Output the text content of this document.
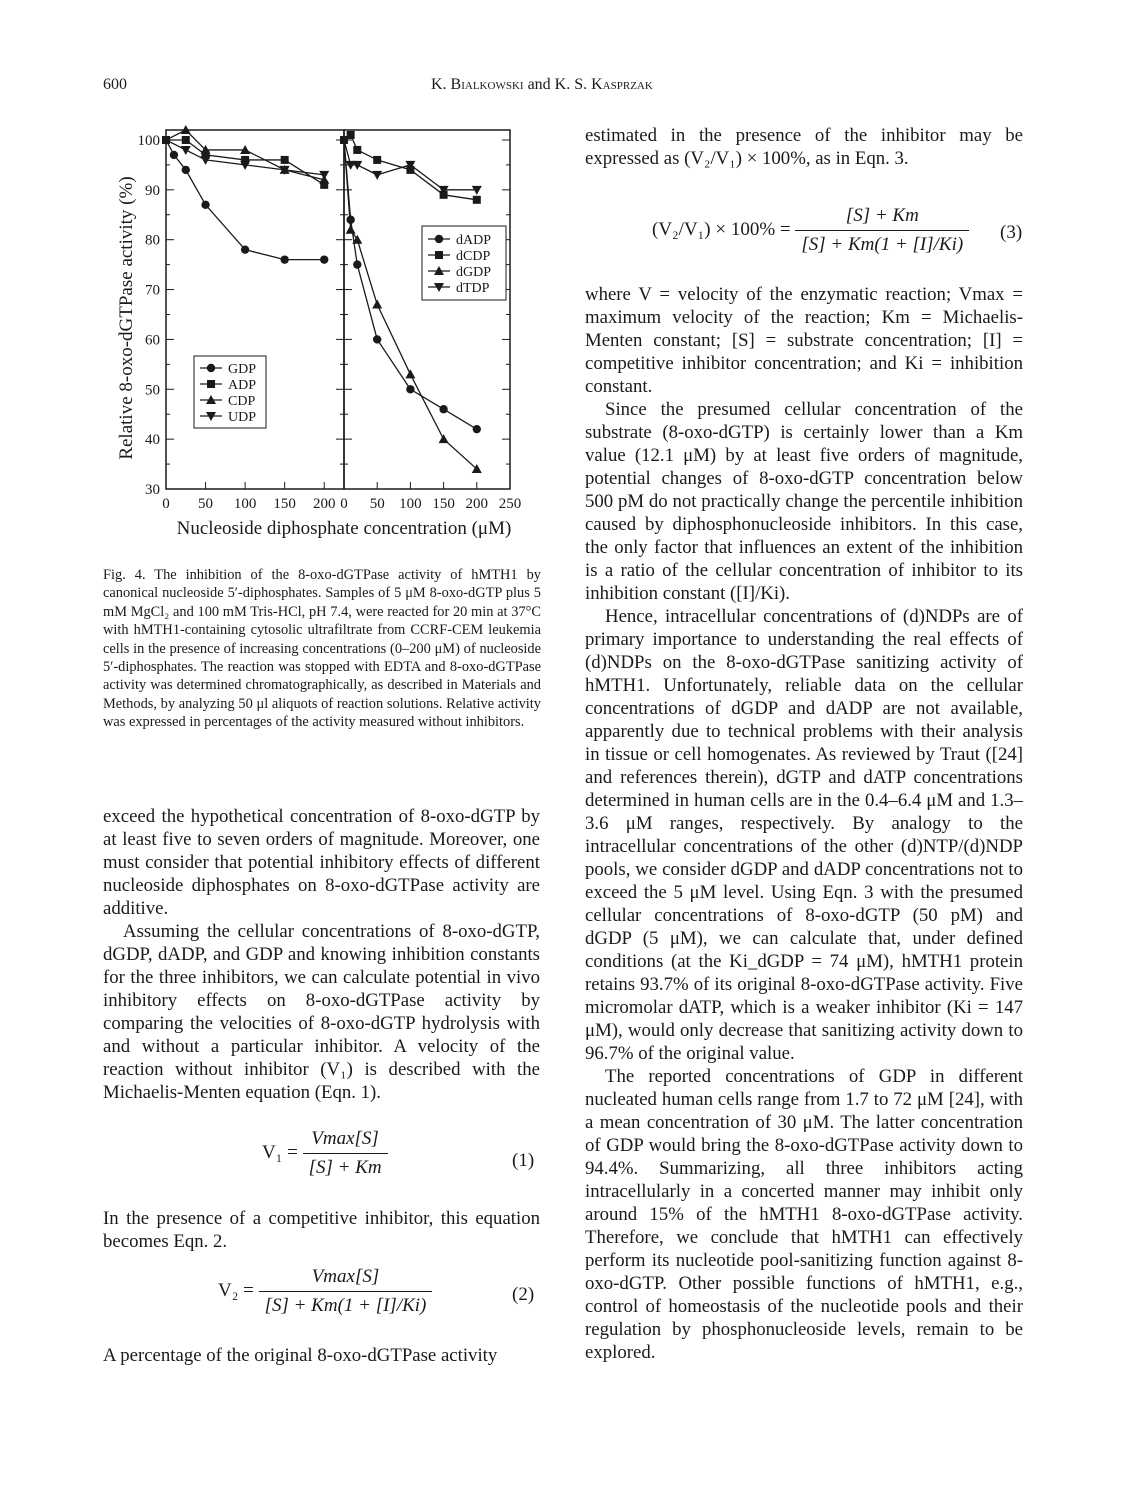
600	K. Bialkowski and K. S. Kasprzak
Relative 8-oxo-dGTPase activity (%)
Nucleoside diphosphate concentration (μM)
0 50 100 150 200 0 50 100 150 200 250
30
40
50
60
70
80
90
100
GDP
ADP
CDP
UDP
dADP
dCDP
dGDP
dTDP

Fig. 4. The inhibition of the 8-oxo-dGTPase activity of hMTH1 by canonical nucleoside 5′-diphosphates. Samples of 5 μM 8-oxo-dGTP plus 5 mM MgCl₂ and 100 mM Tris-HCl, pH 7.4, were reacted for 20 min at 37°C with hMTH1-containing cytosolic ultrafiltrate from CCRF-CEM leukemia cells in the presence of increasing concentrations (0–200 μM) of nucleoside 5′-diphosphates. The reaction was stopped with EDTA and 8-oxo-dGTPase activity was determined chromatographically, as described in Materials and Methods, by analyzing 50 μl aliquots of reaction solutions. Relative activity was expressed in percentages of the activity measured without inhibitors.

exceed the hypothetical concentration of 8-oxo-dGTP by at least five to seven orders of magnitude. Moreover, one must consider that potential inhibitory effects of different nucleoside diphosphates on 8-oxo-dGTPase activity are additive.

Assuming the cellular concentrations of 8-oxo-dGTP, dGDP, dADP, and GDP and knowing inhibition constants for the three inhibitors, we can calculate potential in vivo inhibitory effects on 8-oxo-dGTPase activity by comparing the velocities of 8-oxo-dGTP hydrolysis with and without a particular inhibitor. A velocity of the reaction without inhibitor (V₁) is described with the Michaelis-Menten equation (Eqn. 1).

$V_1 = \frac{Vmax[S]}{[S] + Km}$	(1)

In the presence of a competitive inhibitor, this equation becomes Eqn. 2.

$V_2 = \frac{Vmax[S]}{[S] + Km(1 + [I]/Ki)}$	(2)

A percentage of the original 8-oxo-dGTPase activity

estimated in the presence of the inhibitor may be expressed as (V₂/V₁) × 100%, as in Eqn. 3.

$(V_2/V_1) \times 100\% = \frac{[S] + Km}{[S] + Km(1 + [I]/Ki)} (3)$

where V = velocity of the enzymatic reaction; Vmax = maximum velocity of the reaction; Km = Michaelis-Menten constant; [S] = substrate concentration; [I] = competitive inhibitor concentration; and Ki = inhibition constant.

Since the presumed cellular concentration of the substrate (8-oxo-dGTP) is certainly lower than a Km value (12.1 μM) by at least five orders of magnitude, potential changes of 8-oxo-dGTP concentration below 500 pM do not practically change the percentile inhibition caused by diphosphonucleoside inhibitors. In this case, the only factor that influences an extent of the inhibition is a ratio of the cellular concentration of inhibitor to its inhibition constant ([I]/Ki).

Hence, intracellular concentrations of (d)NDPs are of primary importance to understanding the real effects of (d)NDPs on the 8-oxo-dGTPase sanitizing activity of hMTH1. Unfortunately, reliable data on the cellular concentrations of dGDP and dADP are not available, apparently due to technical problems with their analysis in tissue or cell homogenates. As reviewed by Traut ([24] and references therein), dGTP and dATP concentrations determined in human cells are in the 0.4–6.4 μM and 1.3–3.6 μM ranges, respectively. By analogy to the intracellular concentrations of the other (d)NTP/(d)NDP pools, we consider dGDP and dADP concentrations not to exceed the 5 μM level. Using Eqn. 3 with the presumed cellular concentrations of 8-oxo-dGTP (50 pM) and dGDP (5 μM), we can calculate that, under defined conditions (at the Ki_dGDP = 74 μM), hMTH1 protein retains 93.7% of its original 8-oxo-dGTPase activity. Five micromolar dATP, which is a weaker inhibitor (Ki = 147 μM), would only decrease that sanitizing activity down to 96.7% of the original value.

The reported concentrations of GDP in different nucleated human cells range from 1.7 to 72 μM [24], with a mean concentration of 30 μM. The latter concentration of GDP would bring the 8-oxo-dGTPase activity down to 94.4%. Summarizing, all three inhibitors acting intracellularly in a concerted manner may inhibit only around 15% of the hMTH1 8-oxo-dGTPase activity. Therefore, we conclude that hMTH1 can effectively perform its nucleotide pool-sanitizing function against 8-oxo-dGTP. Other possible functions of hMTH1, e.g., control of homeostasis of the nucleotide pools and their regulation by phosphonucleoside levels, remain to be explored.
